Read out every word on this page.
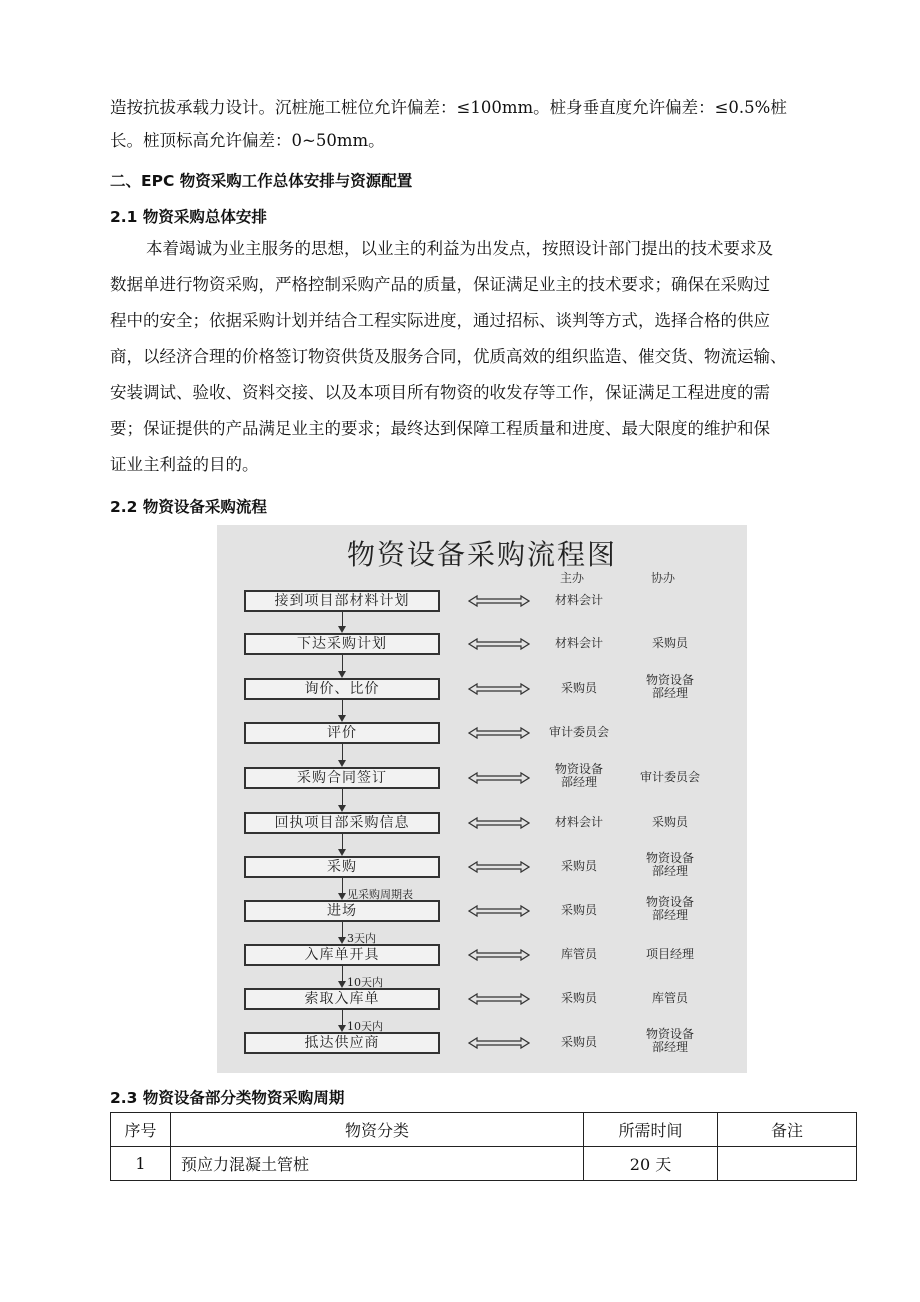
造按抗拔承载力设计。沉桩施工桩位允许偏差：≤100mm。桩身垂直度允许偏差：≤0.5%桩
长。桩顶标高允许偏差：0~50mm。
二、EPC 物资采购工作总体安排与资源配置
2.1 物资采购总体安排
本着竭诚为业主服务的思想，以业主的利益为出发点，按照设计部门提出的技术要求及
数据单进行物资采购，严格控制采购产品的质量，保证满足业主的技术要求；确保在采购过
程中的安全；依据采购计划并结合工程实际进度，通过招标、谈判等方式，选择合格的供应
商，以经济合理的价格签订物资供货及服务合同，优质高效的组织监造、催交货、物流运输、
安装调试、验收、资料交接、以及本项目所有物资的收发存等工作，保证满足工程进度的需
要；保证提供的产品满足业主的要求；最终达到保障工程质量和进度、最大限度的维护和保
证业主利益的目的。
2.2 物资设备采购流程
物资设备采购流程图
主办	协办
接到项目部材料计划	材料会计
下达采购计划	材料会计	采购员
询价、比价	采购员
物资设备
部经理
评价	审计委员会
采购合同签订
物资设备
部经理	审计委员会
回执项目部采购信息	材料会计	采购员
采购	采购员
物资设备
部经理
进场	采购员
物资设备
部经理
入库单开具	库管员	项目经理
索取入库单	采购员	库管员
抵达供应商	采购员
物资设备
部经理
见采购周期表
3天内
10天内
10天内
2.3 物资设备部分类物资采购周期
序号	物资分类	所需时间	备注
1	预应力混凝土管桩	20 天	
